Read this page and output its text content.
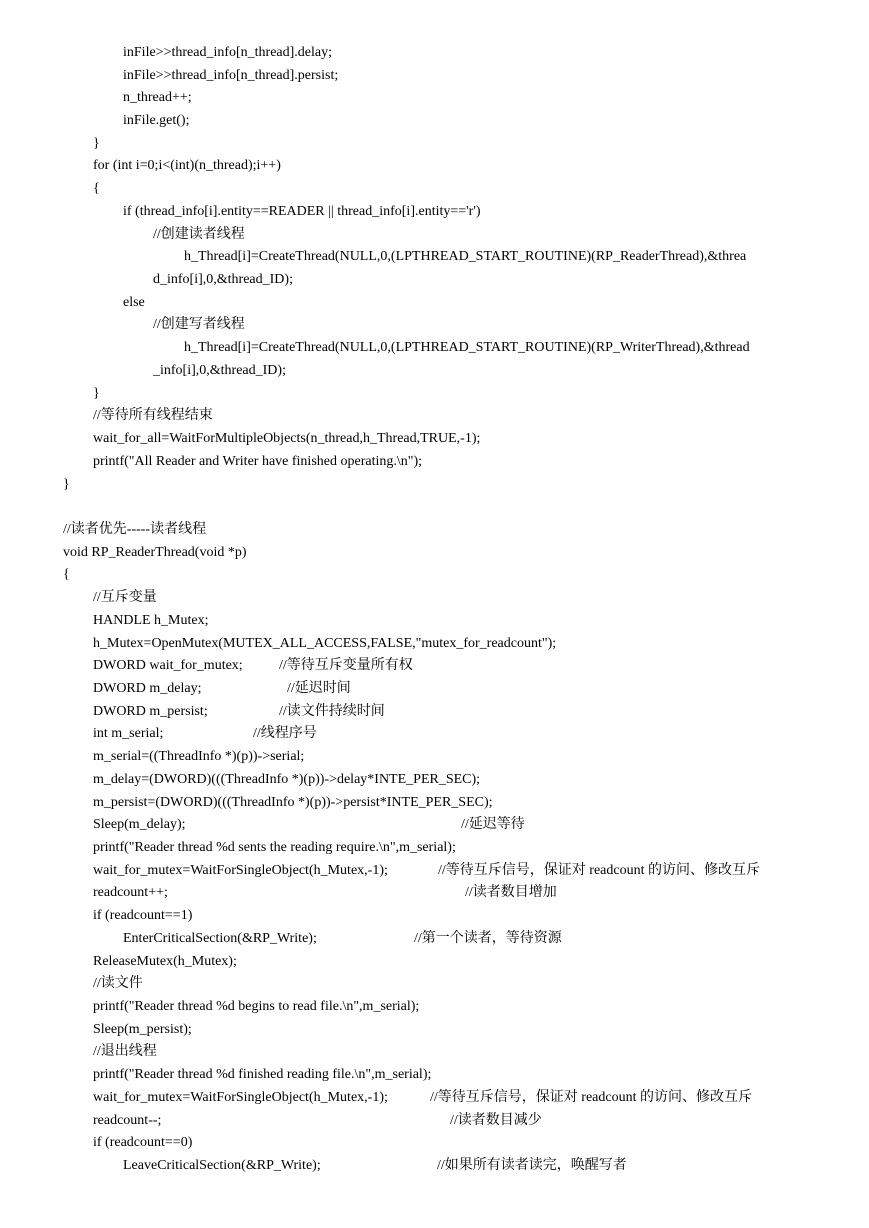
inFile>>thread_info[n_thread].delay;
inFile>>thread_info[n_thread].persist;
n_thread++;
inFile.get();
}
for (int i=0;i<(int)(n_thread);i++)
{
if (thread_info[i].entity==READER || thread_info[i].entity=='r')
//创建读者线程
h_Thread[i]=CreateThread(NULL,0,(LPTHREAD_START_ROUTINE)(RP_ReaderThread),&threa
d_info[i],0,&thread_ID);
else
//创建写者线程
h_Thread[i]=CreateThread(NULL,0,(LPTHREAD_START_ROUTINE)(RP_WriterThread),&thread
_info[i],0,&thread_ID);
}
//等待所有线程结束
wait_for_all=WaitForMultipleObjects(n_thread,h_Thread,TRUE,-1);
printf("All Reader and Writer have finished operating.\n");
}
//读者优先-----读者线程
void RP_ReaderThread(void *p)
{
//互斥变量
HANDLE h_Mutex;
h_Mutex=OpenMutex(MUTEX_ALL_ACCESS,FALSE,"mutex_for_readcount");
DWORD wait_for_mutex;	//等待互斥变量所有权
DWORD m_delay;	//延迟时间
DWORD m_persist;	//读文件持续时间
int m_serial;	//线程序号
m_serial=((ThreadInfo *)(p))->serial;
m_delay=(DWORD)(((ThreadInfo *)(p))->delay*INTE_PER_SEC);
m_persist=(DWORD)(((ThreadInfo *)(p))->persist*INTE_PER_SEC);
Sleep(m_delay);	//延迟等待
printf("Reader thread %d sents the reading require.\n",m_serial);
wait_for_mutex=WaitForSingleObject(h_Mutex,-1);	//等待互斥信号，保证对 readcount 的访问、修改互斥
readcount++;	//读者数目增加
if (readcount==1)
EnterCriticalSection(&RP_Write);	//第一个读者，等待资源
ReleaseMutex(h_Mutex);
//读文件
printf("Reader thread %d begins to read file.\n",m_serial);
Sleep(m_persist);
//退出线程
printf("Reader thread %d finished reading file.\n",m_serial);
wait_for_mutex=WaitForSingleObject(h_Mutex,-1);	//等待互斥信号，保证对 readcount 的访问、修改互斥
readcount--;	//读者数目减少
if (readcount==0)
LeaveCriticalSection(&RP_Write);	//如果所有读者读完，唤醒写者
